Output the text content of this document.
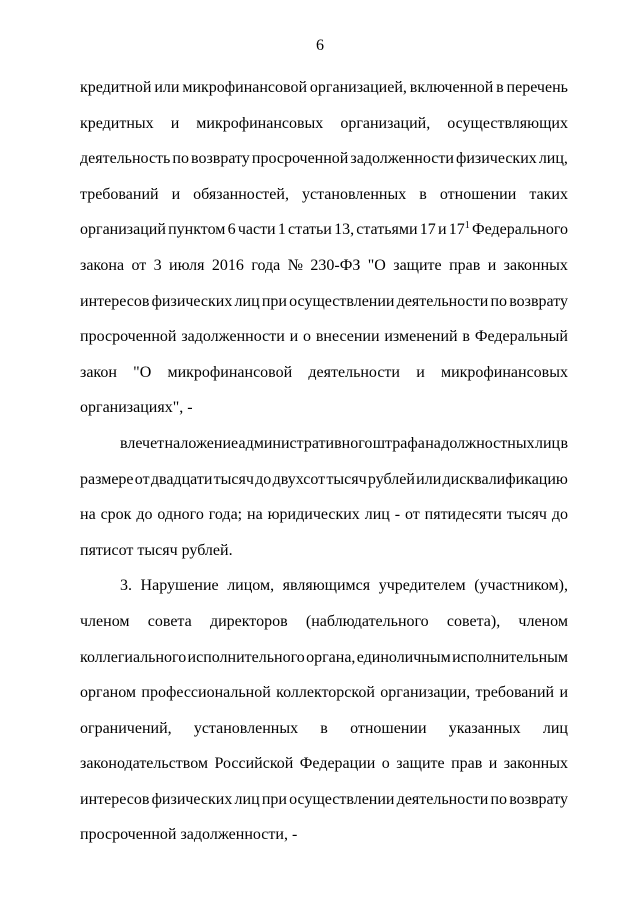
6
кредитной или микрофинансовой организацией, включенной в перечень
кредитных и микрофинансовых организаций, осуществляющих
деятельность по возврату просроченной задолженности физических лиц,
требований и обязанностей, установленных в отношении таких
организаций пунктом 6 части 1 статьи 13, статьями 17 и $17^1$ Федерального
закона от 3 июля 2016 года № 230-ФЗ "О защите прав и законных
интересов физических лиц при осуществлении деятельности по возврату
просроченной задолженности и о внесении изменений в Федеральный
закон "О микрофинансовой деятельности и микрофинансовых
организациях", -
влечет наложение административного штрафа на должностных лиц в
размере от двадцати тысяч до двухсот тысяч рублей или дисквалификацию
на срок до одного года; на юридических лиц - от пятидесяти тысяч до
пятисот тысяч рублей.
3. Нарушение лицом, являющимся учредителем (участником),
членом совета директоров (наблюдательного совета), членом
коллегиального исполнительного органа, единоличным исполнительным
органом профессиональной коллекторской организации, требований и
ограничений, установленных в отношении указанных лиц
законодательством Российской Федерации о защите прав и законных
интересов физических лиц при осуществлении деятельности по возврату
просроченной задолженности, -
